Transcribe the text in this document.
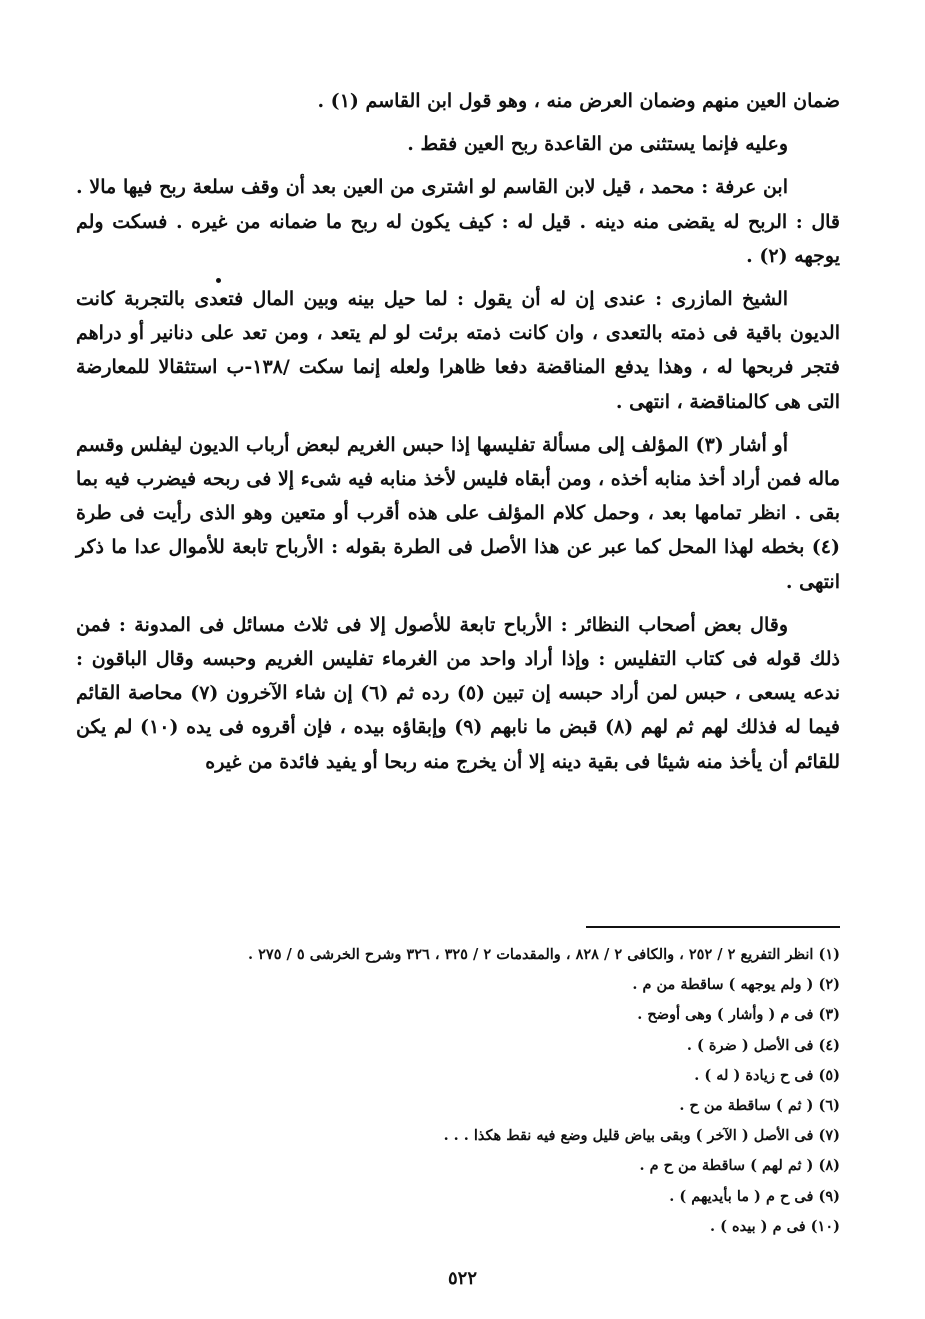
ضمان العين منهم وضمان العرض منه ، وهو قول ابن القاسم (١) .

وعليه فإنما يستثنى من القاعدة ربح العين فقط .

ابن عرفة : محمد ، قيل لابن القاسم لو اشترى من العين بعد أن وقف سلعة ربح فيها مالا . قال : الربح له يقضى منه دينه . قيل له : كيف يكون له ربح ما ضمانه من غيره . فسكت ولم يوجهه (٢) .

الشيخ المازرى : عندى إن له أن يقول : لما حيل بينه وبين المال فتعدى بالتجربة كانت الديون باقية فى ذمته بالتعدى ، وان كانت ذمته برئت لو لم يتعد ، ومن تعد على دنانير أو دراهم فتجر فربحها له ، وهذا يدفع المناقضة دفعا ظاهرا ولعله إنما سكت /١٣٨-ب استثقالا للمعارضة التى هى كالمناقضة ، انتهى .

أو أشار (٣) المؤلف إلى مسألة تفليسها إذا حبس الغريم لبعض أرباب الديون ليفلس وقسم ماله فمن أراد أخذ منابه أخذه ، ومن أبقاه فليس لأخذ منابه فيه شىء إلا فى ربحه فيضرب فيه بما بقى . انظر تمامها بعد ، وحمل كلام المؤلف على هذه أقرب أو متعين وهو الذى رأيت فى طرة (٤) بخطه لهذا المحل كما عبر عن هذا الأصل فى الطرة بقوله : الأرباح تابعة للأموال عدا ما ذكر انتهى .

وقال بعض أصحاب النظائر : الأرباح تابعة للأصول إلا فى ثلاث مسائل فى المدونة : فمن ذلك قوله فى كتاب التفليس : وإذا أراد واحد من الغرماء تفليس الغريم وحبسه وقال الباقون : ندعه يسعى ، حبس لمن أراد حبسه إن تبين (٥) رده ثم (٦) إن شاء الآخرون (٧) محاصة القائم فيما له فذلك لهم ثم لهم (٨) قبض ما نابهم (٩) وإبقاؤه بيده ، فإن أقروه فى يده (١٠) لم يكن للقائم أن يأخذ منه شيئا فى بقية دينه إلا أن يخرج منه ربحا أو يفيد فائدة من غيره

(١) انظر التفريع ٢ / ٢٥٢ ، والكافى ٢ / ٨٢٨ ، والمقدمات ٢ / ٣٢٥ ، ٣٢٦ وشرح الخرشى ٥ / ٢٧٥ .
(٢) ( ولم يوجهه ) ساقطة من م .
(٣) فى م ( وأشار ) وهى أوضح .
(٤) فى الأصل ( ضرة ) .
(٥) فى ح زيادة ( له ) .
(٦) ( ثم ) ساقطة من ح .
(٧) فى الأصل ( الآخر ) وبقى بياض قليل وضع فيه نقط هكذا . . .
(٨) ( ثم لهم ) ساقطة من ح م .
(٩) فى ح م ( ما بأيديهم ) .
(١٠) فى م ( بيده ) .
٥٢٢
